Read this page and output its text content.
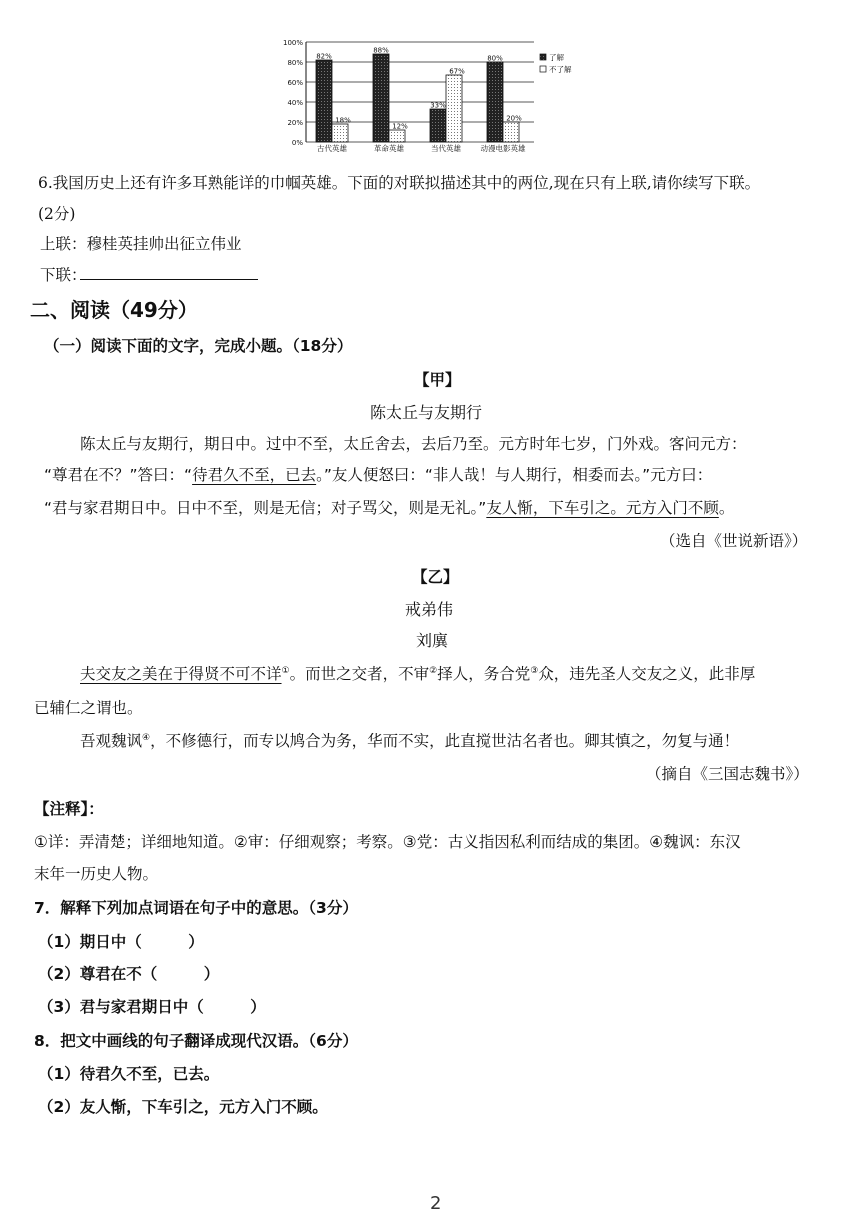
0%
20%
40%
60%
80%
100%
82%
18%
古代英雄
88%
12%
革命英雄
33%
67%
当代英雄
80%
20%
动漫电影英雄
了解
不了解
6.我国历史上还有许多耳熟能详的巾帼英雄。下面的对联拟描述其中的两位,现在只有上联,请你续写下联。
(2分)
上联：穆桂英挂帅出征立伟业
下联：
二、阅读（49分）
（一）阅读下面的文字，完成小题。（18分）
【甲】
陈太丘与友期行
陈太丘与友期行，期日中。过中不至，太丘舍去，去后乃至。元方时年七岁，门外戏。客问元方：
“尊君在不？”答曰：“待君久不至，已去。”友人便怒曰：“非人哉！与人期行，相委而去。”元方曰：
“君与家君期日中。日中不至，则是无信；对子骂父，则是无礼。”友人惭，下车引之。元方入门不顾。
（选自《世说新语》）
【乙】
戒弟伟
刘廙
夫交友之美在于得贤不可不详①。而世之交者，不审②择人，务合党③众，违先圣人交友之义，此非厚
已辅仁之谓也。
吾观魏讽④，不修德行，而专以鸠合为务，华而不实，此直搅世沽名者也。卿其慎之，勿复与通！
（摘自《三国志魏书》）
【注释】：
①详：弄清楚；详细地知道。②审：仔细观察；考察。③党：古义指因私利而结成的集团。④魏讽：东汉
末年一历史人物。
7．解释下列加点词语在句子中的意思。（3分）
（1）期日中（　　　）
（2）尊君在不（　　　）
（3）君与家君期日中（　　　）
8．把文中画线的句子翻译成现代汉语。（6分）
（1）待君久不至，已去。
（2）友人惭，下车引之，元方入门不顾。
2
